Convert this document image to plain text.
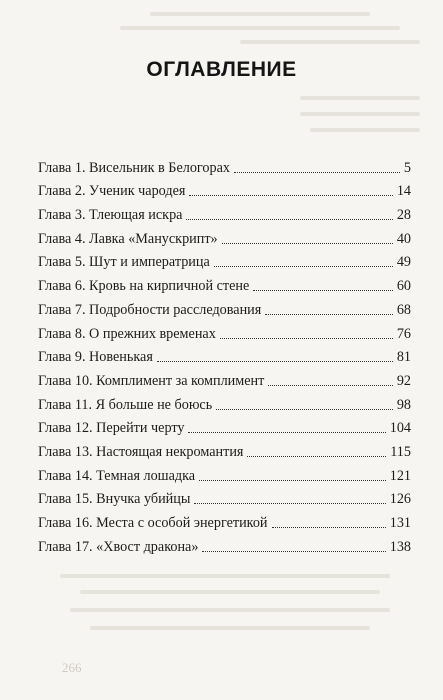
266
ОГЛАВЛЕНИЕ
Глава 1. Висельник в Белогорах	5
Глава 2. Ученик чародея	14
Глава 3. Тлеющая искра	28
Глава 4. Лавка «Манускрипт»	40
Глава 5. Шут и императрица	49
Глава 6. Кровь на кирпичной стене	60
Глава 7. Подробности расследования	68
Глава 8. О прежних временах	76
Глава 9. Новенькая	81
Глава 10. Комплимент за комплимент	92
Глава 11. Я больше не боюсь	98
Глава 12. Перейти черту	104
Глава 13. Настоящая некромантия	115
Глава 14. Темная лошадка	121
Глава 15. Внучка убийцы	126
Глава 16. Места с особой энергетикой	131
Глава 17. «Хвост дракона»	138
